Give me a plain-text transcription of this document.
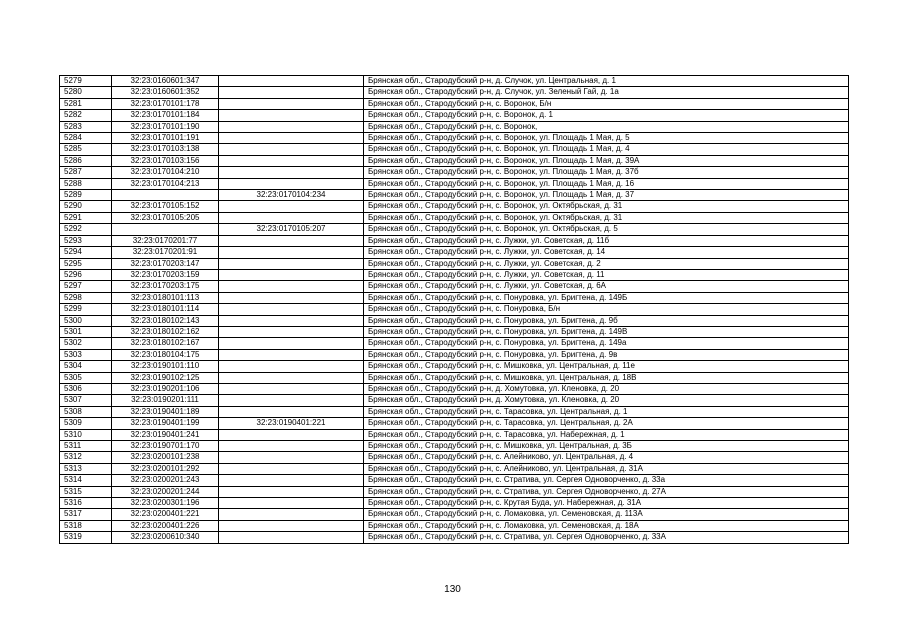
5279	32:23:0160601:347		Брянская обл., Стародубский р-н, д. Случок, ул. Центральная, д. 1
5280	32:23:0160601:352		Брянская обл., Стародубский р-н, д. Случок, ул. Зеленый Гай, д. 1а
5281	32:23:0170101:178		Брянская обл., Стародубский р-н, с. Воронок, Б/н
5282	32:23:0170101:184		Брянская обл., Стародубский р-н, с. Воронок, д. 1
5283	32:23:0170101:190		Брянская обл., Стародубский р-н, с. Воронок,
5284	32:23:0170101:191		Брянская обл., Стародубский р-н, с. Воронок, ул. Площадь 1 Мая, д. 5
5285	32:23:0170103:138		Брянская обл., Стародубский р-н, с. Воронок, ул. Площадь 1 Мая, д. 4
5286	32:23:0170103:156		Брянская обл., Стародубский р-н, с. Воронок, ул. Площадь 1 Мая, д. 39А
5287	32:23:0170104:210		Брянская обл., Стародубский р-н, с. Воронок, ул. Площадь 1 Мая, д. 37б
5288	32:23:0170104:213		Брянская обл., Стародубский р-н, с. Воронок, ул. Площадь 1 Мая, д. 16
5289		32:23:0170104:234	Брянская обл., Стародубский р-н, с. Воронок, ул. Площадь 1 Мая, д. 37
5290	32:23:0170105:152		Брянская обл., Стародубский р-н, с. Воронок, ул. Октябрьская, д. 31
5291	32:23:0170105:205		Брянская обл., Стародубский р-н, с. Воронок, ул. Октябрьская, д. 31
5292		32:23:0170105:207	Брянская обл., Стародубский р-н, с. Воронок, ул. Октябрьская, д. 5
5293	32:23:0170201:77		Брянская обл., Стародубский р-н, с. Лужки, ул. Советская, д. 11б
5294	32:23:0170201:91		Брянская обл., Стародубский р-н, с. Лужки, ул. Советская, д. 14
5295	32:23:0170203:147		Брянская обл., Стародубский р-н, с. Лужки, ул. Советская, д. 2
5296	32:23:0170203:159		Брянская обл., Стародубский р-н, с. Лужки, ул. Советская, д. 11
5297	32:23:0170203:175		Брянская обл., Стародубский р-н, с. Лужки, ул. Советская, д. 6А
5298	32:23:0180101:113		Брянская обл., Стародубский р-н, с. Понуровка, ул. Бригтена, д. 149Б
5299	32:23:0180101:114		Брянская обл., Стародубский р-н, с. Понуровка, Б/н
5300	32:23:0180102:143		Брянская обл., Стародубский р-н, с. Понуровка, ул. Бригтена, д. 9б
5301	32:23:0180102:162		Брянская обл., Стародубский р-н, с. Понуровка, ул. Бригтена, д. 149В
5302	32:23:0180102:167		Брянская обл., Стародубский р-н, с. Понуровка, ул. Бригтена, д. 149а
5303	32:23:0180104:175		Брянская обл., Стародубский р-н, с. Понуровка, ул. Бригтена, д. 9в
5304	32:23:0190101:110		Брянская обл., Стародубский р-н, с. Мишковка, ул. Центральная, д. 11е
5305	32:23:0190102:125		Брянская обл., Стародубский р-н, с. Мишковка, ул. Центральная, д. 18В
5306	32:23:0190201:106		Брянская обл., Стародубский р-н, д. Хомутовка, ул. Кленовка, д. 20
5307	32:23:0190201:111		Брянская обл., Стародубский р-н, д. Хомутовка, ул. Кленовка, д. 20
5308	32:23:0190401:189		Брянская обл., Стародубский р-н, с. Тарасовка, ул. Центральная, д. 1
5309	32:23:0190401:199	32:23:0190401:221	Брянская обл., Стародубский р-н, с. Тарасовка, ул. Центральная, д. 2А
5310	32:23:0190401:241		Брянская обл., Стародубский р-н, с. Тарасовка, ул. Набережная, д. 1
5311	32:23:0190701:170		Брянская обл., Стародубский р-н, с. Мишковка, ул. Центральная, д. 3Б
5312	32:23:0200101:238		Брянская обл., Стародубский р-н, с. Алейниково, ул. Центральная, д. 4
5313	32:23:0200101:292		Брянская обл., Стародубский р-н, с. Алейниково, ул. Центральная, д. 31А
5314	32:23:0200201:243		Брянская обл., Стародубский р-н, с. Стратива, ул. Сергея Одноворченко, д. 33а
5315	32:23:0200201:244		Брянская обл., Стародубский р-н, с. Стратива, ул. Сергея Одноворченко, д. 27А
5316	32:23:0200301:196		Брянская обл., Стародубский р-н, с. Крутая Буда, ул. Набережная, д. 31А
5317	32:23:0200401:221		Брянская обл., Стародубский р-н, с. Ломаковка, ул. Семеновская, д. 113А
5318	32:23:0200401:226		Брянская обл., Стародубский р-н, с. Ломаковка, ул. Семеновская, д. 18А
5319	32:23:0200610:340		Брянская обл., Стародубский р-н, с. Стратива, ул. Сергея Одноворченко, д. 33А
130
